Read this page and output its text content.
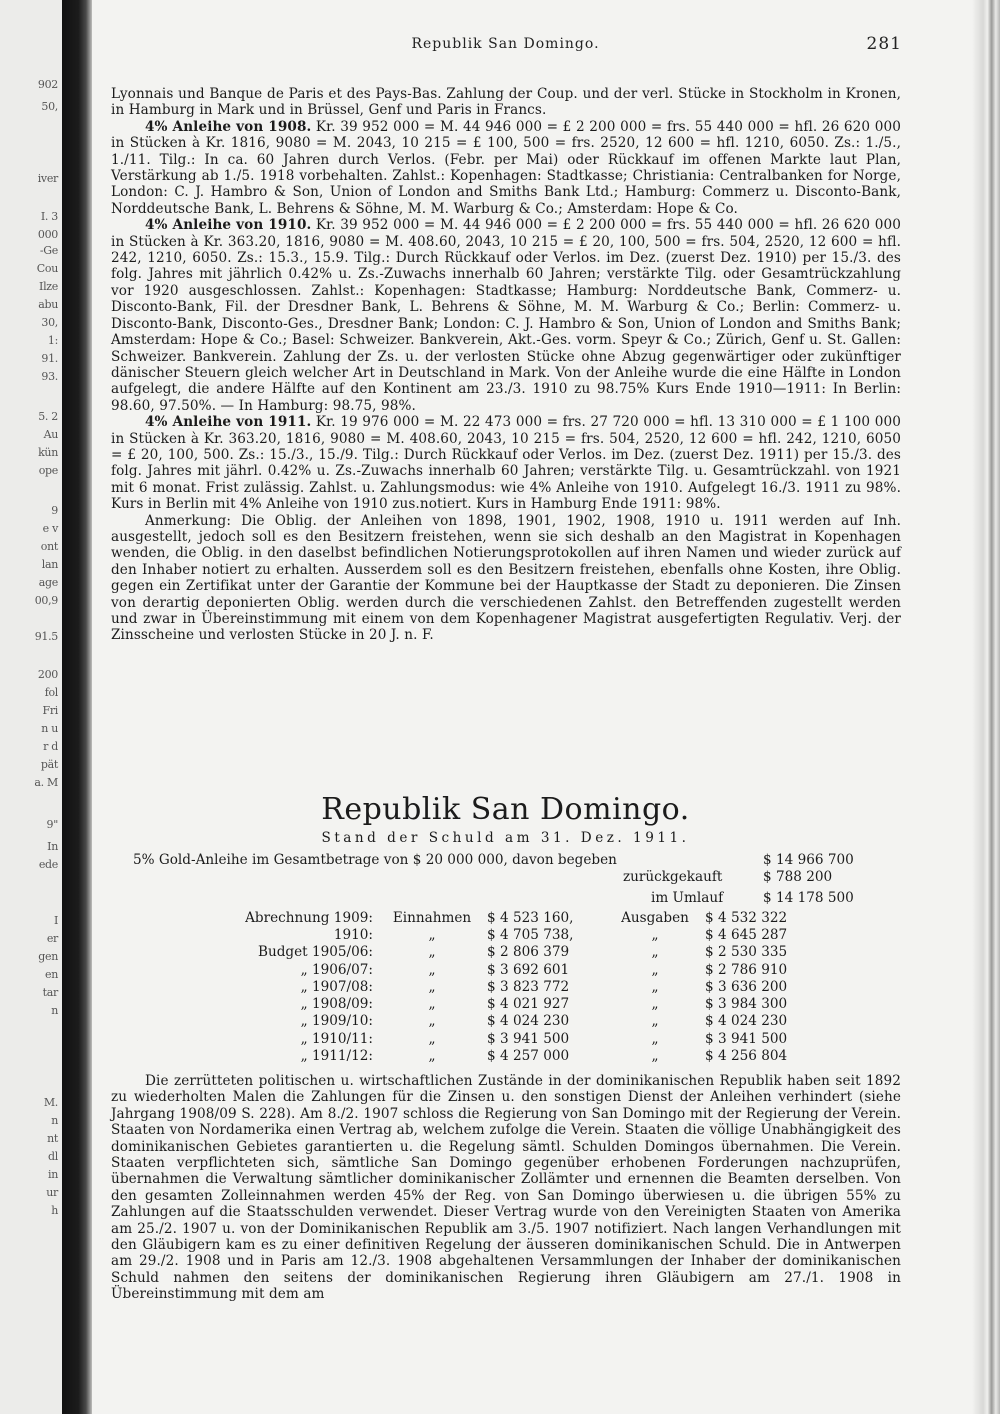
902
50,
iver
I. 3
000
-Ge
Cou
Ilze
abu
30,
1:
91.
93.
5. 2
Au
kün
ope
9
e v
ont
lan
age
00,9
91.5
200
fol
Fri
n u
r d
pät
a. M
9"
In
ede
I
er
gen
en
tar
n
M.
n
nt
dl
in
ur
h
Republik San Domingo.	281

Lyonnais und Banque de Paris et des Pays-Bas. Zahlung der Coup. und der verl. Stücke in Stockholm in Kronen, in Hamburg in Mark und in Brüssel, Genf und Paris in Francs.

4% Anleihe von 1908. Kr. 39 952 000 = M. 44 946 000 = £ 2 200 000 = frs. 55 440 000 = hfl. 26 620 000 in Stücken à Kr. 1816, 9080 = M. 2043, 10 215 = £ 100, 500 = frs. 2520, 12 600 = hfl. 1210, 6050. Zs.: 1./5., 1./11. Tilg.: In ca. 60 Jahren durch Verlos. (Febr. per Mai) oder Rückkauf im offenen Markte laut Plan, Verstärkung ab 1./5. 1918 vorbehalten. Zahlst.: Kopenhagen: Stadtkasse; Christiania: Centralbanken for Norge, London: C. J. Hambro & Son, Union of London and Smiths Bank Ltd.; Hamburg: Commerz u. Disconto-Bank, Norddeutsche Bank, L. Behrens & Söhne, M. M. Warburg & Co.; Amsterdam: Hope & Co.

4% Anleihe von 1910. Kr. 39 952 000 = M. 44 946 000 = £ 2 200 000 = frs. 55 440 000 = hfl. 26 620 000 in Stücken à Kr. 363.20, 1816, 9080 = M. 408.60, 2043, 10 215 = £ 20, 100, 500 = frs. 504, 2520, 12 600 = hfl. 242, 1210, 6050. Zs.: 15.3., 15.9. Tilg.: Durch Rückkauf oder Verlos. im Dez. (zuerst Dez. 1910) per 15./3. des folg. Jahres mit jährlich 0.42% u. Zs.-Zuwachs innerhalb 60 Jahren; verstärkte Tilg. oder Gesamtrückzahlung vor 1920 ausgeschlossen. Zahlst.: Kopenhagen: Stadtkasse; Hamburg: Norddeutsche Bank, Commerz- u. Disconto-Bank, Fil. der Dresdner Bank, L. Behrens & Söhne, M. M. Warburg & Co.; Berlin: Commerz- u. Disconto-Bank, Disconto-Ges., Dresdner Bank; London: C. J. Hambro & Son, Union of London and Smiths Bank; Amsterdam: Hope & Co.; Basel: Schweizer. Bankverein, Akt.-Ges. vorm. Speyr & Co.; Zürich, Genf u. St. Gallen: Schweizer. Bankverein. Zahlung der Zs. u. der verlosten Stücke ohne Abzug gegenwärtiger oder zukünftiger dänischer Steuern gleich welcher Art in Deutschland in Mark. Von der Anleihe wurde die eine Hälfte in London aufgelegt, die andere Hälfte auf den Kontinent am 23./3. 1910 zu 98.75% Kurs Ende 1910—1911: In Berlin: 98.60, 97.50%. — In Hamburg: 98.75, 98%.

4% Anleihe von 1911. Kr. 19 976 000 = M. 22 473 000 = frs. 27 720 000 = hfl. 13 310 000 = £ 1 100 000 in Stücken à Kr. 363.20, 1816, 9080 = M. 408.60, 2043, 10 215 = frs. 504, 2520, 12 600 = hfl. 242, 1210, 6050 = £ 20, 100, 500. Zs.: 15./3., 15./9. Tilg.: Durch Rückkauf oder Verlos. im Dez. (zuerst Dez. 1911) per 15./3. des folg. Jahres mit jährl. 0.42% u. Zs.-Zuwachs innerhalb 60 Jahren; verstärkte Tilg. u. Gesamtrückzahl. von 1921 mit 6 monat. Frist zulässig. Zahlst. u. Zahlungsmodus: wie 4% Anleihe von 1910. Aufgelegt 16./3. 1911 zu 98%. Kurs in Berlin mit 4% Anleihe von 1910 zus.notiert. Kurs in Hamburg Ende 1911: 98%.

Anmerkung: Die Oblig. der Anleihen von 1898, 1901, 1902, 1908, 1910 u. 1911 werden auf Inh. ausgestellt, jedoch soll es den Besitzern freistehen, wenn sie sich deshalb an den Magistrat in Kopenhagen wenden, die Oblig. in den daselbst befindlichen Notierungsprotokollen auf ihren Namen und wieder zurück auf den Inhaber notiert zu erhalten. Ausserdem soll es den Besitzern freistehen, ebenfalls ohne Kosten, ihre Oblig. gegen ein Zertifikat unter der Garantie der Kommune bei der Hauptkasse der Stadt zu deponieren. Die Zinsen von derartig deponierten Oblig. werden durch die verschiedenen Zahlst. den Betreffenden zugestellt werden und zwar in Übereinstimmung mit einem von dem Kopenhagener Magistrat ausgefertigten Regulativ. Verj. der Zinsscheine und verlosten Stücke in 20 J. n. F.

Republik San Domingo.
Stand der Schuld am 31. Dez. 1911.
5% Gold-Anleihe im Gesamtbetrage von $ 20 000 000, davon begeben	$ 14 966 700
zurückgekauft	$ 788 200
im Umlauf	$ 14 178 500
Abrechnung 1909:	Einnahmen	$ 4 523 160,	Ausgaben	$ 4 532 322
1910:	„	$ 4 705 738,	„	$ 4 645 287
Budget 1905/06:	„	$ 2 806 379	„	$ 2 530 335
„ 1906/07:	„	$ 3 692 601	„	$ 2 786 910
„ 1907/08:	„	$ 3 823 772	„	$ 3 636 200
„ 1908/09:	„	$ 4 021 927	„	$ 3 984 300
„ 1909/10:	„	$ 4 024 230	„	$ 4 024 230
„ 1910/11:	„	$ 3 941 500	„	$ 3 941 500
„ 1911/12:	„	$ 4 257 000	„	$ 4 256 804

Die zerrütteten politischen u. wirtschaftlichen Zustände in der dominikanischen Republik haben seit 1892 zu wiederholten Malen die Zahlungen für die Zinsen u. den sonstigen Dienst der Anleihen verhindert (siehe Jahrgang 1908/09 S. 228). Am 8./2. 1907 schloss die Regierung von San Domingo mit der Regierung der Verein. Staaten von Nordamerika einen Vertrag ab, welchem zufolge die Verein. Staaten die völlige Unabhängigkeit des dominikanischen Gebietes garantierten u. die Regelung sämtl. Schulden Domingos übernahmen. Die Verein. Staaten verpflichteten sich, sämtliche San Domingo gegenüber erhobenen Forderungen nachzuprüfen, übernahmen die Verwaltung sämtlicher dominikanischer Zollämter und ernennen die Beamten derselben. Von den gesamten Zolleinnahmen werden 45% der Reg. von San Domingo überwiesen u. die übrigen 55% zu Zahlungen auf die Staatsschulden verwendet. Dieser Vertrag wurde von den Vereinigten Staaten von Amerika am 25./2. 1907 u. von der Dominikanischen Republik am 3./5. 1907 notifiziert. Nach langen Verhandlungen mit den Gläubigern kam es zu einer definitiven Regelung der äusseren dominikanischen Schuld. Die in Antwerpen am 29./2. 1908 und in Paris am 12./3. 1908 abgehaltenen Versammlungen der Inhaber der dominikanischen Schuld nahmen den seitens der dominikanischen Regierung ihren Gläubigern am 27./1. 1908 in Übereinstimmung mit dem am
